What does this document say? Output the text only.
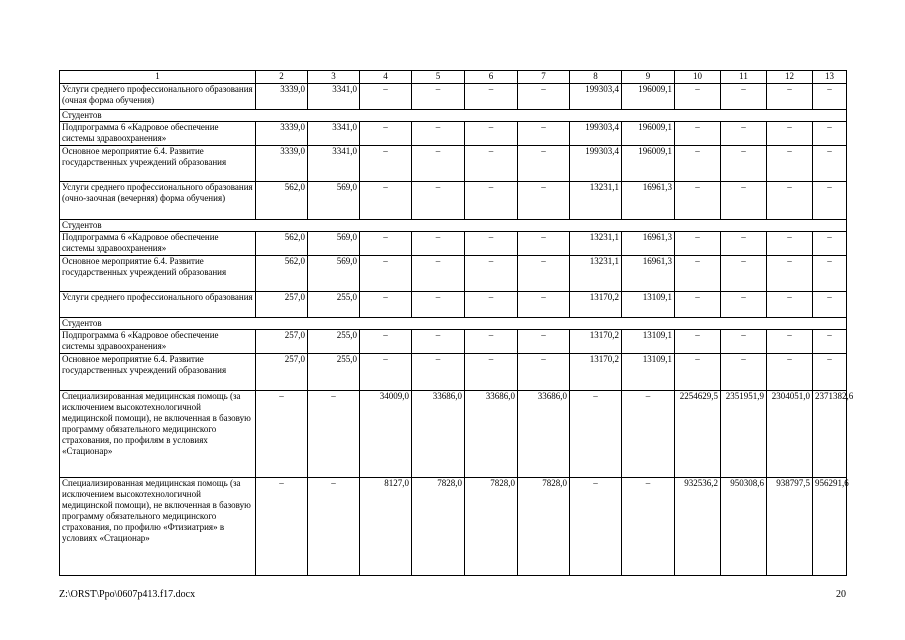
1	2	3	4	5	6	7	8	9	10	11	12	13
Услуги среднего профессионального образования (очная форма обучения)	3339,0	3341,0	–	–	–	–	199303,4	196009,1	–	–	–	–
Студентов												
Подпрограмма 6 «Кадровое обеспечение системы здравоохранения»	3339,0	3341,0	–	–	–	–	199303,4	196009,1	–	–	–	–
Основное мероприятие 6.4. Развитие государственных учреждений образования	3339,0	3341,0	–	–	–	–	199303,4	196009,1	–	–	–	–
Услуги среднего профессионального образования (очно-заочная (вечерняя) форма обучения)	562,0	569,0	–	–	–	–	13231,1	16961,3	–	–	–	–
Студентов												
Подпрограмма 6 «Кадровое обеспечение системы здравоохранения»	562,0	569,0	–	–	–	–	13231,1	16961,3	–	–	–	–
Основное мероприятие 6.4. Развитие государственных учреждений образования	562,0	569,0	–	–	–	–	13231,1	16961,3	–	–	–	–
Услуги среднего профессионального образования	257,0	255,0	–	–	–	–	13170,2	13109,1	–	–	–	–
Студентов												
Подпрограмма 6 «Кадровое обеспечение системы здравоохранения»	257,0	255,0	–	–	–	–	13170,2	13109,1	–	–	–	–
Основное мероприятие 6.4. Развитие государственных учреждений образования	257,0	255,0	–	–	–	–	13170,2	13109,1	–	–	–	–
Специализированная медицинская помощь (за исключением высокотехнологичной медицинской помощи), не включенная в базовую программу обязательного медицинского страхования, по профилям в условиях «Стационар»	–	–	34009,0	33686,0	33686,0	33686,0	–	–	2254629,5	2351951,9	2304051,0	2371382,6
Специализированная медицинская помощь (за исключением высокотехнологичной медицинской помощи), не включенная в базовую программу обязательного медицинского страхования, по профилю «Фтизиатрия» в условиях «Стационар»	–	–	8127,0	7828,0	7828,0	7828,0	–	–	932536,2	950308,6	938797,5	956291,6
Z:\ORST\Ppo\0607p413.f17.docx	20
